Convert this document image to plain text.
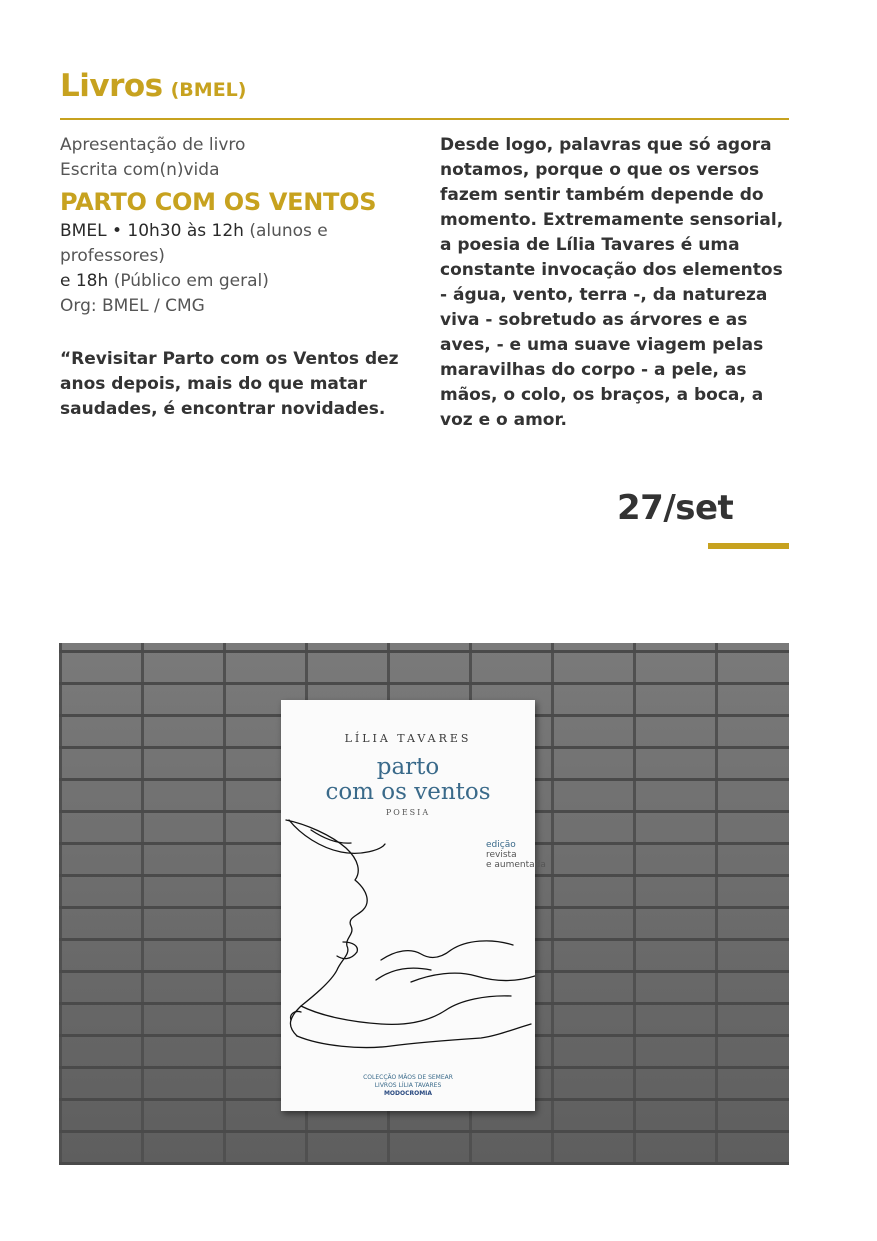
Livros (BMEL)
Apresentação de livro
Escrita com(n)vida
PARTO COM OS VENTOS
BMEL • 10h30 às 12h (alunos e
professores)
e 18h (Público em geral)
Org: BMEL / CMG
“Revisitar Parto com os Ventos dez anos depois, mais do que matar saudades, é encontrar novidades.
Desde logo, palavras que só agora notamos, porque o que os versos fazem sentir também depende do momento. Extremamente sensorial, a poesia de Lília Tavares é uma constante invocação dos elementos - água, vento, terra -, da natureza viva - sobretudo as árvores e as aves, - e uma suave viagem pelas maravilhas do corpo - a pele, as mãos, o colo, os braços, a boca, a voz e o amor.
27/set
LÍLIA TAVARES
parto
com os ventos
POESIA
edição
revista
e aumentada
COLECÇÃO MÃOS DE SEMEAR
LIVROS LÍLIA TAVARES
MODOCROMIA
